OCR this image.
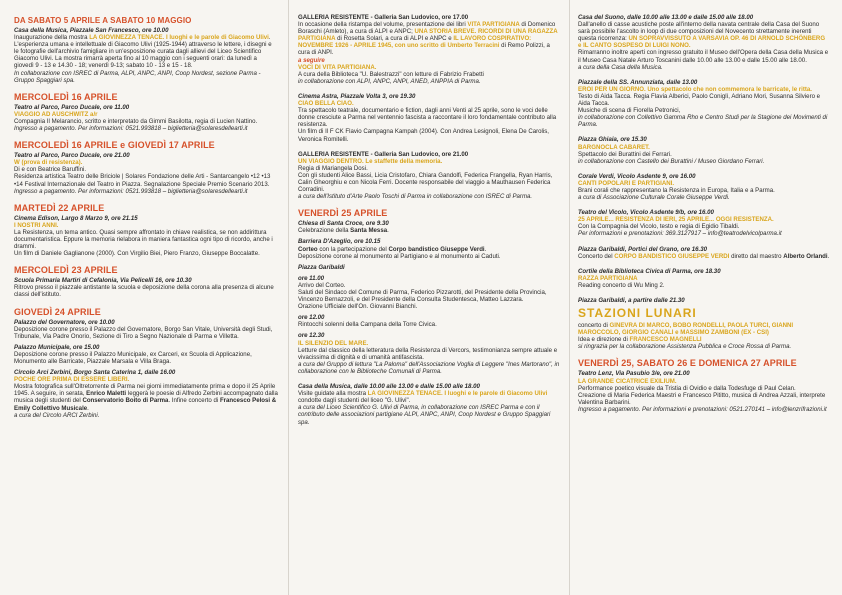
DA SABATO 5 APRILE A SABATO 10 MAGGIO
Casa della Musica, Piazzale San Francesco, ore 10.00
Inaugurazione della mostra LA GIOVINEZZA TENACE. I luoghi e le parole di Giacomo Ulivi. L'esperienza umana e intellettuale di Giacomo Ulivi (1925-1944) attraverso le lettere, i disegni e le fotografie dell'archivio famigliare in un'esposizione curata dagli allievi del Liceo Scientifico Giacomo Ulivi. La mostra rimarrà aperta fino al 10 maggio con i seguenti orari: da lunedì a giovedì 9 - 13 e 14.30 - 18; venerdì 9-13; sabato 10 - 13 e 15 - 18.
In collaborazione con ISREC di Parma, ALPI, ANPC, ANPI, Coop Nordest, sezione Parma - Gruppo Spaggiari spa.
MERCOLEDÌ 16 APRILE
Teatro al Parco, Parco Ducale, ore 11.00
VIAGGIO AD AUSCHWITZ a/r
Compagnia Il Melarancio, scritto e interpretato da Gimmi Basilotta, regia di Lucien Nattino.
Ingresso a pagamento. Per informazioni: 0521.993818 – biglietteria@solaresdellearti.it
MERCOLEDÌ 16 APRILE e GIOVEDÌ 17 APRILE
Teatro al Parco, Parco Ducale, ore 21.00
W (prova di resistenza).
Di e con Beatrice Baruffini.
Residenza artistica Teatro delle Briciole | Solares Fondazione delle Arti - Santarcangelo •12 •13 •14 Festival Internazionale del Teatro in Piazza. Segnalazione Speciale Premio Scenario 2013.
Ingresso a pagamento. Per informazioni: 0521.993818 – biglietteria@solaresdellearti.it
MARTEDÌ 22 APRILE
Cinema Edison, Largo 8 Marzo 9, ore 21.15
I NOSTRI ANNI.
La Resistenza, un tema antico. Quasi sempre affrontato in chiave realistica, se non addirittura documentaristica. Eppure la memoria rielabora in maniera fantastica ogni tipo di ricordo, anche i drammi.
Un film di Daniele Gaglianone (2000). Con Virgilio Biei, Piero Franzo, Giuseppe Boccalatte.
MERCOLEDÌ 23 APRILE
Scuola Primaria Martiri di Cefalonia, Via Pelicelli 16, ore 10.30
Ritrovo presso il piazzale antistante la scuola e deposizione della corona alla presenza di alcune classi dell'istituto.
GIOVEDÌ 24 APRILE
Palazzo del Governatore, ore 10.00
Deposizione corone presso il Palazzo del Governatore, Borgo San Vitale, Università degli Studi, Tribunale, Via Padre Onorio, Sezione di Tiro a Segno Nazionale di Parma e Villetta.
Palazzo Municipale, ore 15.00
Deposizione corone presso il Palazzo Municipale, ex Carceri, ex Scuola di Applicazione, Monumento alle Barricate, Piazzale Marsala e Villa Braga.
Circolo Arci Zerbini, Borgo Santa Caterina 1, dalle 16.00
POCHE ORE PRIMA DI ESSERE LIBERI.
Mostra fotografica sull'Oltretorrente di Parma nei giorni immediatamente prima e dopo il 25 Aprile 1945. A seguire, in serata, Enrico Maletti leggerà le poesie di Alfredo Zerbini accompagnato dalla musica degli studenti del Conservatorio Boito di Parma. Infine concerto di Francesco Pelosi & Emily Collettivo Musicale.
a cura del Circolo ARCI Zerbini.
GALLERIA RESISTENTE - Galleria San Ludovico, ore 17.00
In occasione della ristampa del volume, presentazione dei libri VITA PARTIGIANA di Domenico Boraschi (Amleto), a cura di ALPI e ANPC; UNA STORIA BREVE. RICORDI DI UNA RAGAZZA PARTIGIANA di Rosetta Solari, a cura di ALPI e ANPC e IL LAVORO COSPIRATIVO: NOVEMBRE 1926 - APRILE 1945, con uno scritto di Umberto Terracini di Remo Polizzi, a cura di ANPI.
a seguire
VOCI DI VITA PARTIGIANA.
A cura della Biblioteca "U. Balestrazzi" con letture di Fabrizio Frabetti
in collaborazione con ALPI, ANPC, ANPI, ANED, ANPPIA di Parma.
Cinema Astra, Piazzale Volta 3, ore 19.30
CIAO BELLA CIAO.
Tra spettacolo teatrale, documentario e fiction, dagli anni Venti al 25 aprile, sono le voci delle donne cresciute a Parma nel ventennio fascista a raccontare il loro fondamentale contributo alla resistenza.
Un film di Il F CK Flavio Campagna Kampah (2004). Con Andrea Lesignoli, Elena De Carolis, Veronica Romitelli.
GALLERIA RESISTENTE - Galleria San Ludovico, ore 21.00
UN VIAGGIO DENTRO. Le staffette della memoria.
Regia di Mariangela Dosi.
Con gli studenti Alice Bassi, Licia Cristofaro, Chiara Gandolfi, Federica Frangella, Ryan Harris, Calin Gheorghiu e con Nicola Ferri. Docente responsabile del viaggio a Mauthausen Federica Corradini.
a cura dell'Istituto d'Arte Paolo Toschi di Parma in collaborazione con ISREC di Parma.
VENERDÌ 25 APRILE
Chiesa di Santa Croce, ore 9.30
Celebrazione della Santa Messa.
Barriera D'Azeglio, ore 10.15
Corteo con la partecipazione del Corpo bandistico Giuseppe Verdi.
Deposizione corone al monumento al Partigiano e al monumento ai Caduti.
Piazza Garibaldi
ore 11.00
Arrivo del Corteo.
Saluti del Sindaco del Comune di Parma, Federico Pizzarotti, del Presidente della Provincia, Vincenzo Bernazzoli, e del Presidente della Consulta Studentesca, Matteo Lazzara.
Orazione Ufficiale dell'On. Giovanni Bianchi.
ore 12.00
Rintocchi solenni della Campana della Torre Civica.
ore 12.30
IL SILENZIO DEL MARE.
Letture dal classico della letteratura della Resistenza di Vercors, testimonianza sempre attuale e vivacissima di dignità e di umanità antifascista.
a cura del Gruppo di lettura "La Paloma" dell'Associazione Voglia di Leggere "Ines Martorano", in collaborazione con le Biblioteche Comunali di Parma.
Casa della Musica, dalle 10.00 alle 13.00 e dalle 15.00 alle 18.00
Visite guidate alla mostra LA GIOVINEZZA TENACE. I luoghi e le parole di Giacomo Ulivi condotte dagli studenti del liceo "G. Ulivi".
a cura del Liceo Scientifico G. Ulivi di Parma, in collaborazione con ISREC Parma e con il contributo delle associazioni partigiane ALPI, ANPC, ANPI, Coop Nordest e Gruppo Spaggiari spa.
Casa del Suono, dalle 10.00 alle 13.00 e dalle 15.00 alle 18.00
Dall'anello di casse acustiche poste all'interno della navata centrale della Casa del Suono sarà possibile l'ascolto in loop di due composizioni del Novecento strettamente inerenti questa ricorrenza: UN SOPRAVVISSUTO A VARSAVIA OP. 46 DI ARNOLD SCHÖNBERG e IL CANTO SOSPESO DI LUIGI NONO.
Rimarranno inoltre aperti con ingresso gratuito il Museo dell'Opera della Casa della Musica e il Museo Casa Natale Arturo Toscanini dalle 10.00 alle 13.00 e dalle 15.00 alle 18.00.
a cura della Casa della Musica.
Piazzale della SS. Annunziata, dalle 13.00
EROI PER UN GIORNO. Uno spettacolo che non commemora le barricate, le ritta.
Testo di Aida Tacca. Regia Flavia Alberici, Paolo Coniglì, Adriano Mori, Susanna Silviero e Aida Tacca.
Musiche di scena di Fiorella Petronici,
in collaborazione con Collettivo Gamma Rho e Centro Studi per la Stagione dei Movimenti di Parma.
Piazza Ghiaia, ore 15.30
BARGNOCLA CABARET.
Spettacolo dei Burattini dei Ferrari.
in collaborazione con Castello dei Burattini / Museo Giordano Ferrari.
Corale Verdi, Vicolo Asdente 9, ore 16.00
CANTI POPOLARI E PARTIGIANI.
Brani corali che rappresentano la Resistenza in Europa, Italia e a Parma.
a cura di Associazione Culturale Corale Giuseppe Verdi.
Teatro del Vicolo, Vicolo Asdente 9/b, ore 16.00
25 APRILE... RESISTENZA DI IERI, 25 APRILE... OGGI RESISTENZA.
Con la Compagnia del Vicolo, testo e regia di Egidio Tibaldi.
Per informazioni e prenotazioni: 369.3127917 – info@teatrodelvicolparma.it
Piazza Garibaldi, Portici del Grano, ore 16.30
Concerto del CORPO BANDISTICO GIUSEPPE VERDI diretto dal maestro Alberto Orlandi.
Cortile della Biblioteca Civica di Parma, ore 18.30
RAZZA PARTIGIANA
Reading concerto di Wu Ming 2.
Piazza Garibaldi, a partire dalle 21.30
STAZIONI LUNARI
concerto di GINEVRA DI MARCO, BOBO RONDELLI, PAOLA TURCI, GIANNI MAROCCOLO, GIORGIO CANALI e MASSIMO ZAMBONI (EX - CSI)
Idea e direzione di FRANCESCO MAGNELLI
si ringrazia per la collaborazione Assistenza Pubblica e Croce Rossa di Parma.
VENERDÌ 25, SABATO 26 E DOMENICA 27 APRILE
Teatro Lenz, Via Pasubio 3/e, ore 21.00
LA GRANDE CICATRICE EXILIUM.
Performance poetico visuale da Tristia di Ovidio e dalla Todesfuge di Paul Celan.
Creazione di Maria Federica Maestri e Francesco Pititto, musica di Andrea Azzali, interprete Valentina Barbarini.
Ingresso a pagamento. Per informazioni e prenotazioni: 0521.270141 – info@lenzrifrazioni.it
